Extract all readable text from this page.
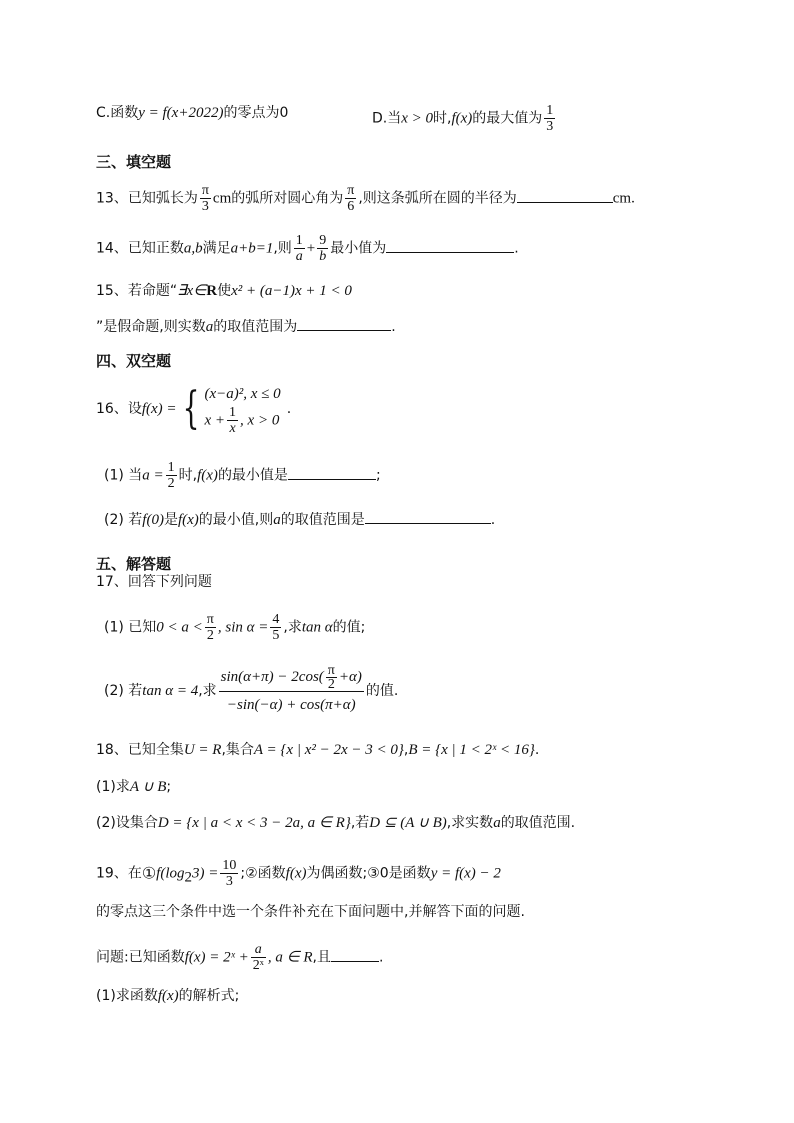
C.函数y = f(x+2022)的零点为0	D.当x > 0时,f(x)的最大值为 $\frac{1}{3}$
三、填空题
13、已知弧长为 $\frac{\pi}{3}$ cm的弧所对圆心角为 $\frac{\pi}{6}$ ,则这条弧所在圆的半径为	cm.
14、已知正数a,b满足a+b=1,则 $\frac{1}{a} + \frac{9}{b}$ 最小值为	.
15、若命题“∃x∈R使x² + (a−1)x + 1 < 0
”是假命题,则实数a的取值范围为	.
四、双空题
16、设f(x) = { (x−a)², x ≤ 0
$x + \frac{1}{x}$ , x > 0
.
(1) 当$a = \frac{1}{2}$ 时,f(x)的最小值是	;
(2) 若f(0)是f(x)的最小值,则a的取值范围是	.
五、解答题
17、回答下列问题
(1) 已知$0 < a < \frac{\pi}{2}$ , $\sin \alpha = \frac{4}{5}$ ,求tan α的值;
(2) 若tan α = 4,求 $\frac{\sin(\alpha+\pi) - 2\cos( \frac{\pi}{2} +\alpha)}{-\sin(-\alpha) + \cos(\pi+\alpha)}$ 的值.
18、已知全集U = R,集合A = {x | x² − 2x − 3 < 0},B = {x | 1 < 2ˣ < 16}.
(1)求A ∪ B;
(2)设集合D = {x | a < x < 3 − 2a, a ∈ R},若D ⊆ (A ∪ B),求实数a的取值范围.
19、在$①f(\log_23) = \frac{10}{3}$ ;②函数f(x)为偶函数;③0是函数y = f(x) − 2
的零点这三个条件中选一个条件补充在下面问题中,并解答下面的问题.
问题:已知函数f(x) = 2ˣ + $\frac{a}{\text{2ˣ}}$ , a ∈ R,且	.
(1)求函数f(x)的解析式;
